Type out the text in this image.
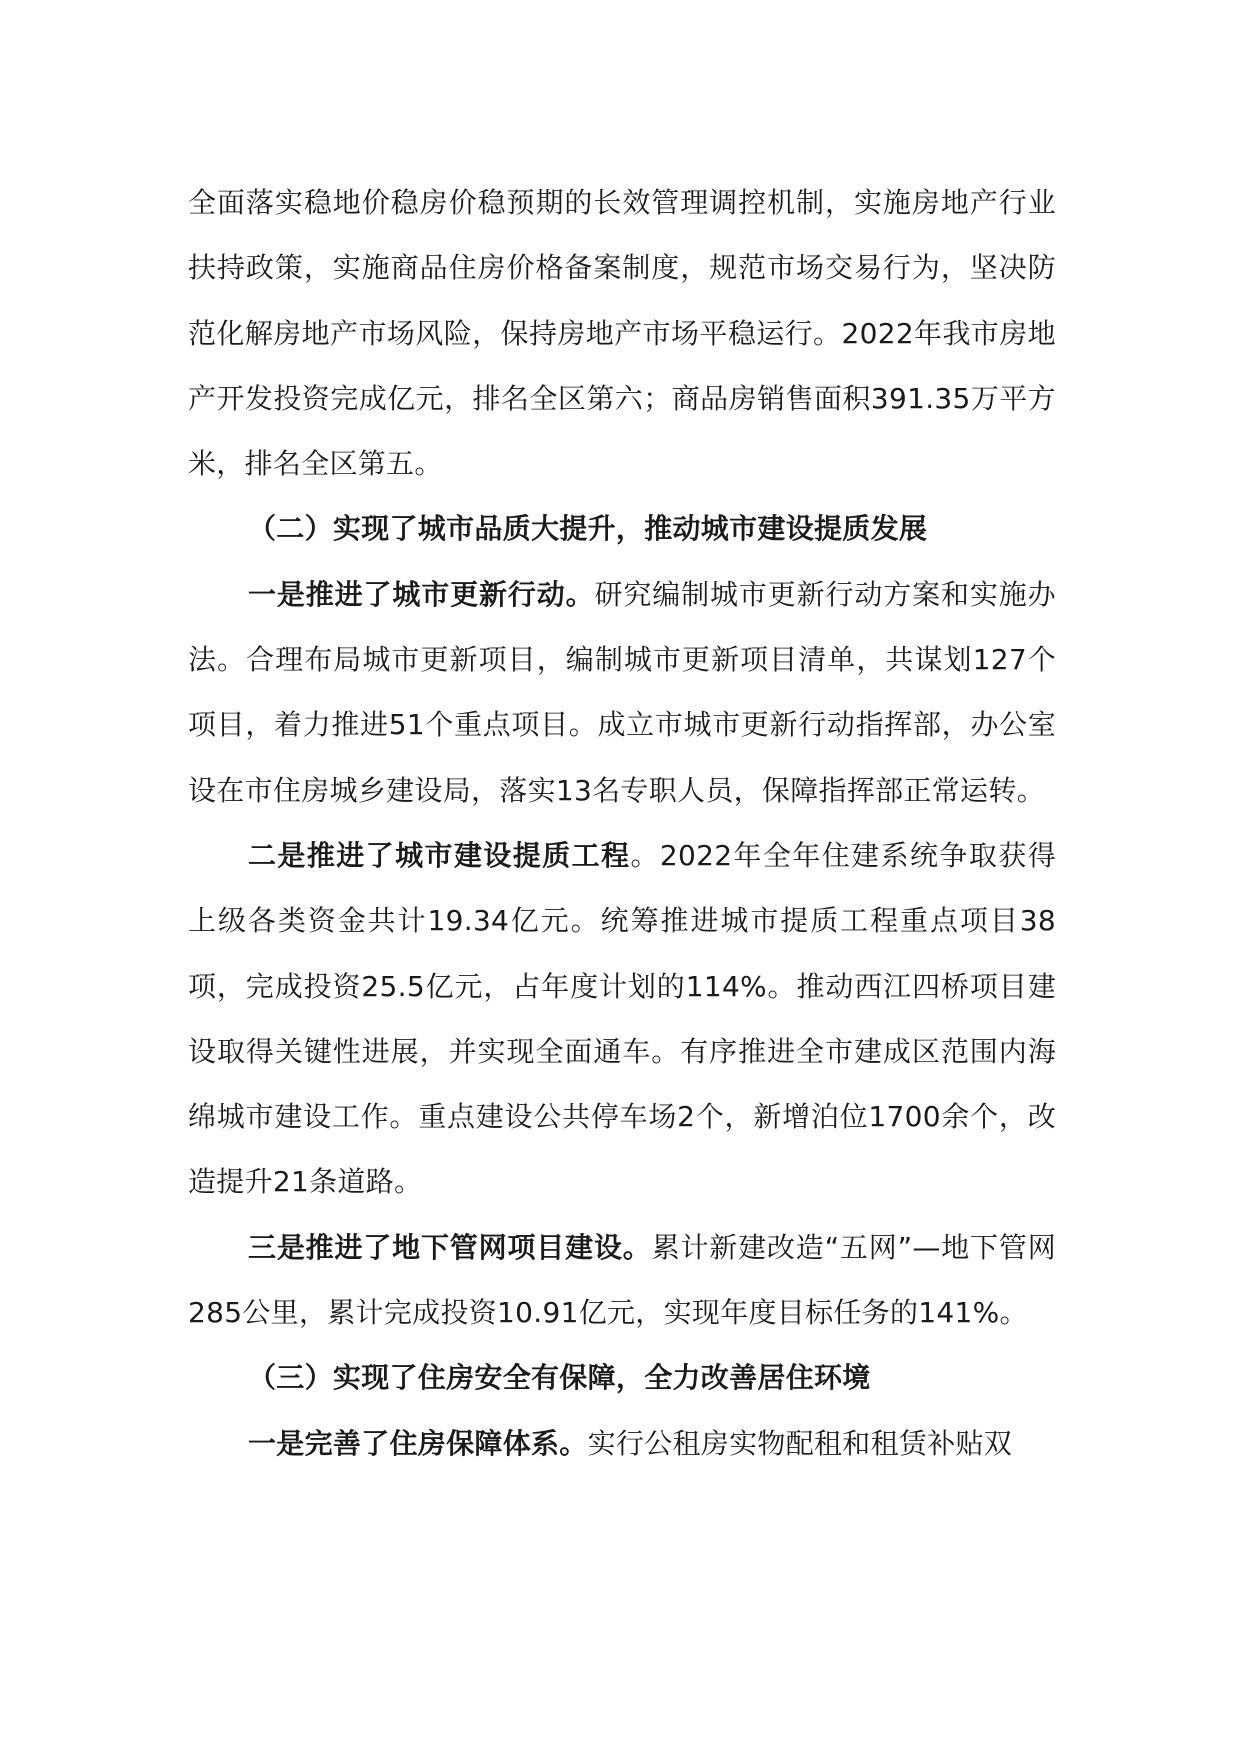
全面落实稳地价稳房价稳预期的长效管理调控机制，实施房地产行业扶持政策，实施商品住房价格备案制度，规范市场交易行为，坚决防范化解房地产市场风险，保持房地产市场平稳运行。2022年我市房地产开发投资完成亿元，排名全区第六；商品房销售面积391.35万平方米，排名全区第五。

（二）实现了城市品质大提升，推动城市建设提质发展

一是推进了城市更新行动。研究编制城市更新行动方案和实施办法。合理布局城市更新项目，编制城市更新项目清单，共谋划127个项目，着力推进51个重点项目。成立市城市更新行动指挥部，办公室设在市住房城乡建设局，落实13名专职人员，保障指挥部正常运转。

二是推进了城市建设提质工程。2022年全年住建系统争取获得上级各类资金共计19.34亿元。统筹推进城市提质工程重点项目38项，完成投资25.5亿元，占年度计划的114%。推动西江四桥项目建设取得关键性进展，并实现全面通车。有序推进全市建成区范围内海绵城市建设工作。重点建设公共停车场2个，新增泊位1700余个，改造提升21条道路。

三是推进了地下管网项目建设。累计新建改造“五网”—地下管网285公里，累计完成投资10.91亿元，实现年度目标任务的141%。

（三）实现了住房安全有保障，全力改善居住环境

一是完善了住房保障体系。实行公租房实物配租和租赁补贴双
